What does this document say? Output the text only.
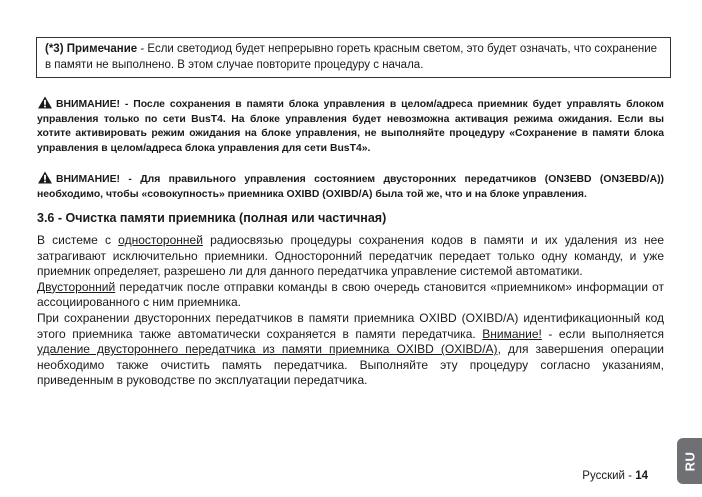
(*3) Примечание - Если светодиод будет непрерывно гореть красным светом, это будет означать, что сохранение в памяти не выполнено. В этом случае повторите процедуру с начала.
ВНИМАНИЕ! - После сохранения в памяти блока управления в целом/адреса приемник будет управлять блоком управления только по сети BusT4. На блоке управления будет невозможна активация режима ожидания. Если вы хотите активировать режим ожидания на блоке управления, не выполняйте процедуру «Сохранение в памяти блока управления в целом/адреса блока управления для сети BusT4».
ВНИМАНИЕ! - Для правильного управления состоянием двусторонних передатчиков (ON3EBD (ON3EBD/A)) необходимо, чтобы «совокупность» приемника OXIBD (OXIBD/A) была той же, что и на блоке управления.
3.6 - Очистка памяти приемника (полная или частичная)

В системе с односторонней радиосвязью процедуры сохранения кодов в памяти и их удаления из нее затрагивают исключительно приемники. Односторонний передатчик передает только одну команду, и уже приемник определяет, разрешено ли для данного передатчика управление системой автоматики.

Двусторонний передатчик после отправки команды в свою очередь становится «приемником» информации от ассоциированного с ним приемника.

При сохранении двусторонних передатчиков в памяти приемника OXIBD (OXIBD/A) идентификационный код этого приемника также автоматически сохраняется в памяти передатчика. Внимание! - если выполняется удаление двустороннего передатчика из памяти приемника OXIBD (OXIBD/A), для завершения операции необходимо также очистить память передатчика. Выполняйте эту процедуру согласно указаниям, приведенным в руководстве по эксплуатации передатчика.

Русский - 14
RU
